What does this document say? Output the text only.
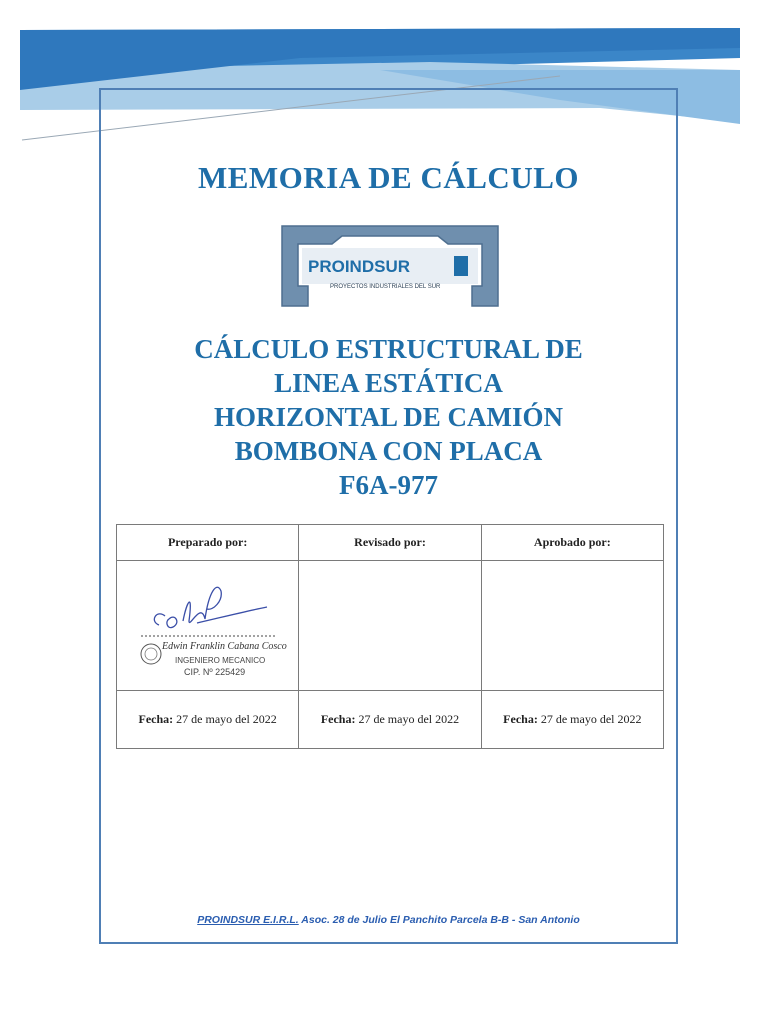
MEMORIA DE CÁLCULO
PROINDSUR
PROYECTOS INDUSTRIALES DEL SUR
CÁLCULO ESTRUCTURAL DE
LINEA ESTÁTICA
HORIZONTAL DE CAMIÓN
BOMBONA CON PLACA
F6A-977
Preparado por:	Revisado por:	Aprobado por:

Edwin Franklin Cabana Cosco
INGENIERO MECANICO
CIP. Nº 225429		

Fecha: 27 de mayo del 2022	Fecha: 27 de mayo del 2022	Fecha: 27 de mayo del 2022
PROINDSUR E.I.R.L. Asoc. 28 de Julio El Panchito Parcela B-B - San Antonio
